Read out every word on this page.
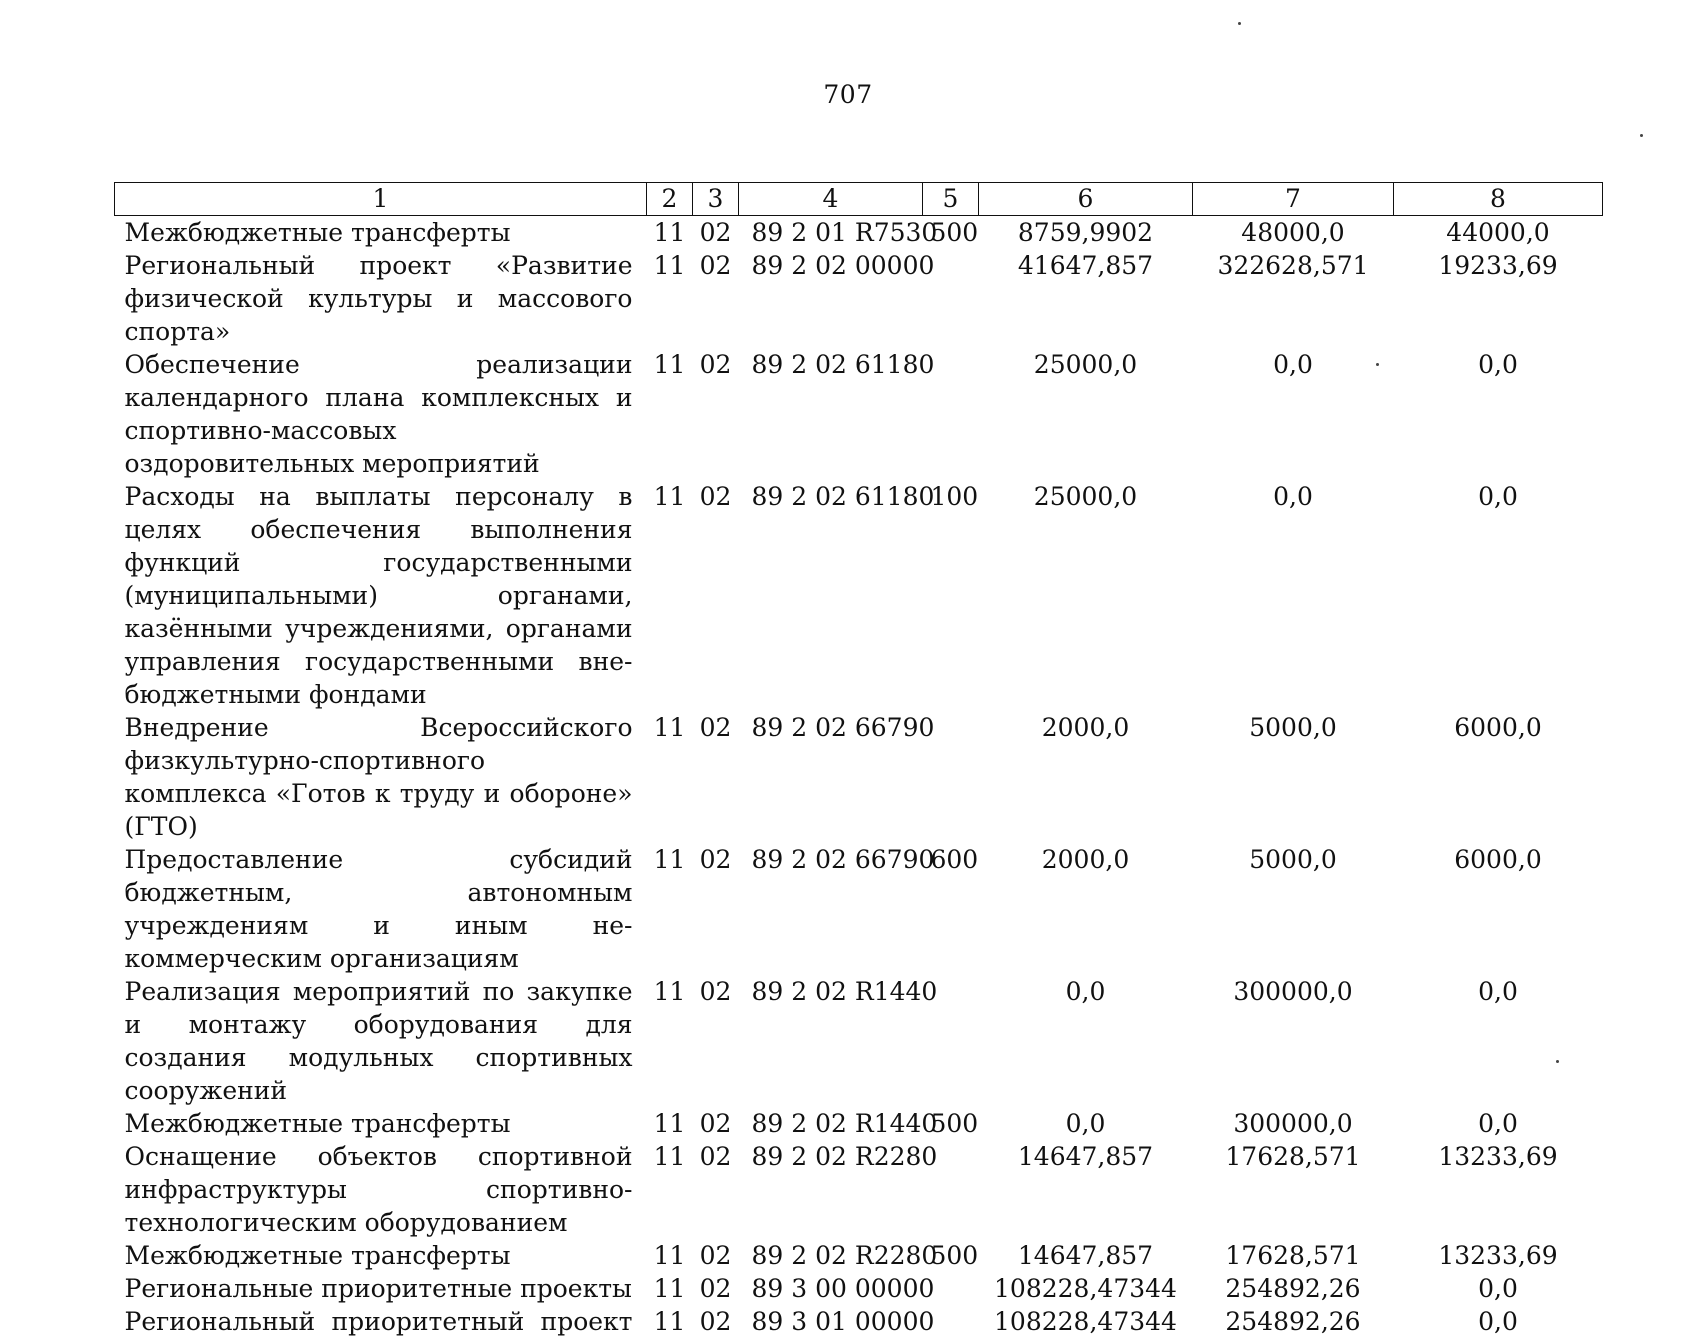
707
1	2	3	4	5	6	7	8
Межбюджетные трансферты	11	02	89 2 01 R7530	500	8759,9902	48000,0	44000,0
Региональный проект «Развитие физической культуры и массового спорта»	11	02	89 2 02 00000		41647,857	322628,571	19233,69
Обеспечение реализации календарного плана комплексных и спортивно-массовых оздоровительных мероприятий	11	02	89 2 02 61180		25000,0	0,0	0,0
Расходы на выплаты персоналу в целях обеспечения выполнения функций государственными (муниципальными) органами, казёнными учреждениями, органами управления государственными внебюджетными фондами	11	02	89 2 02 61180	100	25000,0	0,0	0,0
Внедрение Всероссийского физкультурно-спортивного комплекса «Готов к труду и обороне» (ГТО)	11	02	89 2 02 66790		2000,0	5000,0	6000,0
Предоставление субсидий бюджетным, автономным учреждениям и иным некоммерческим организациям	11	02	89 2 02 66790	600	2000,0	5000,0	6000,0
Реализация мероприятий по закупке и монтажу оборудования для создания модульных спортивных сооружений	11	02	89 2 02 R1440		0,0	300000,0	0,0
Межбюджетные трансферты	11	02	89 2 02 R1440	500	0,0	300000,0	0,0
Оснащение объектов спортивной инфраструктуры спортивно-технологическим оборудованием	11	02	89 2 02 R2280		14647,857	17628,571	13233,69
Межбюджетные трансферты	11	02	89 2 02 R2280	500	14647,857	17628,571	13233,69
Региональные приоритетные проекты	11	02	89 3 00 00000		108228,47344	254892,26	0,0
Региональный приоритетный проект	11	02	89 3 01 00000		108228,47344	254892,26	0,0
